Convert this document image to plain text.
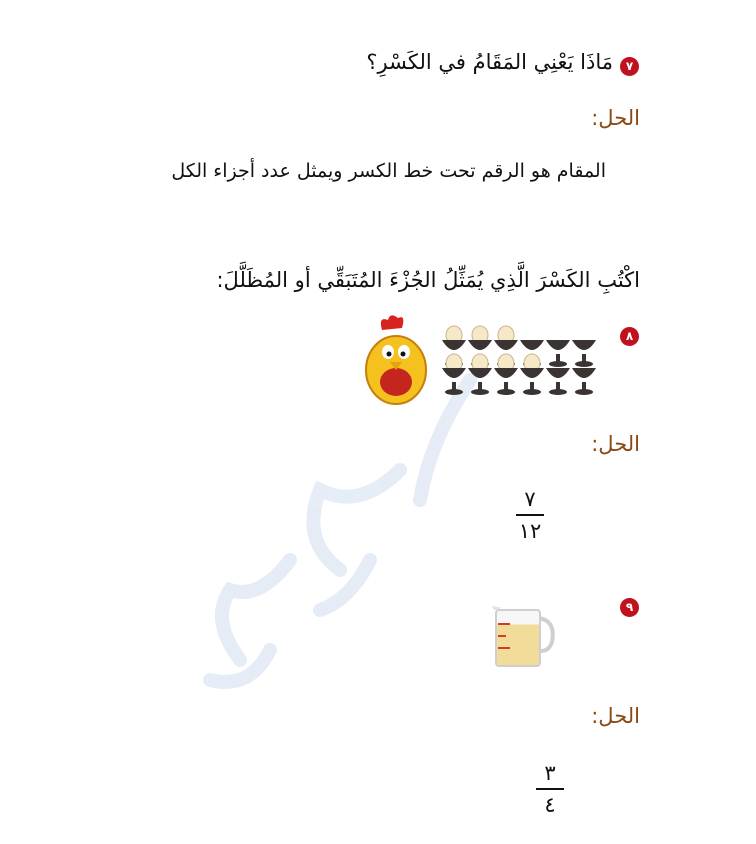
٧
مَاذَا يَعْنِي المَقَامُ في الكَسْرِ؟
الحل:
المقام هو الرقم تحت خط الكسر ويمثل عدد أجزاء الكل
اكْتُبِ الكَسْرَ الَّذِي يُمَثِّلُ الجُزْءَ المُتَبَقِّي أو المُظَلَّلَ:
٨
الحل:
٧
١٢
٩
الحل:
٣
٤
